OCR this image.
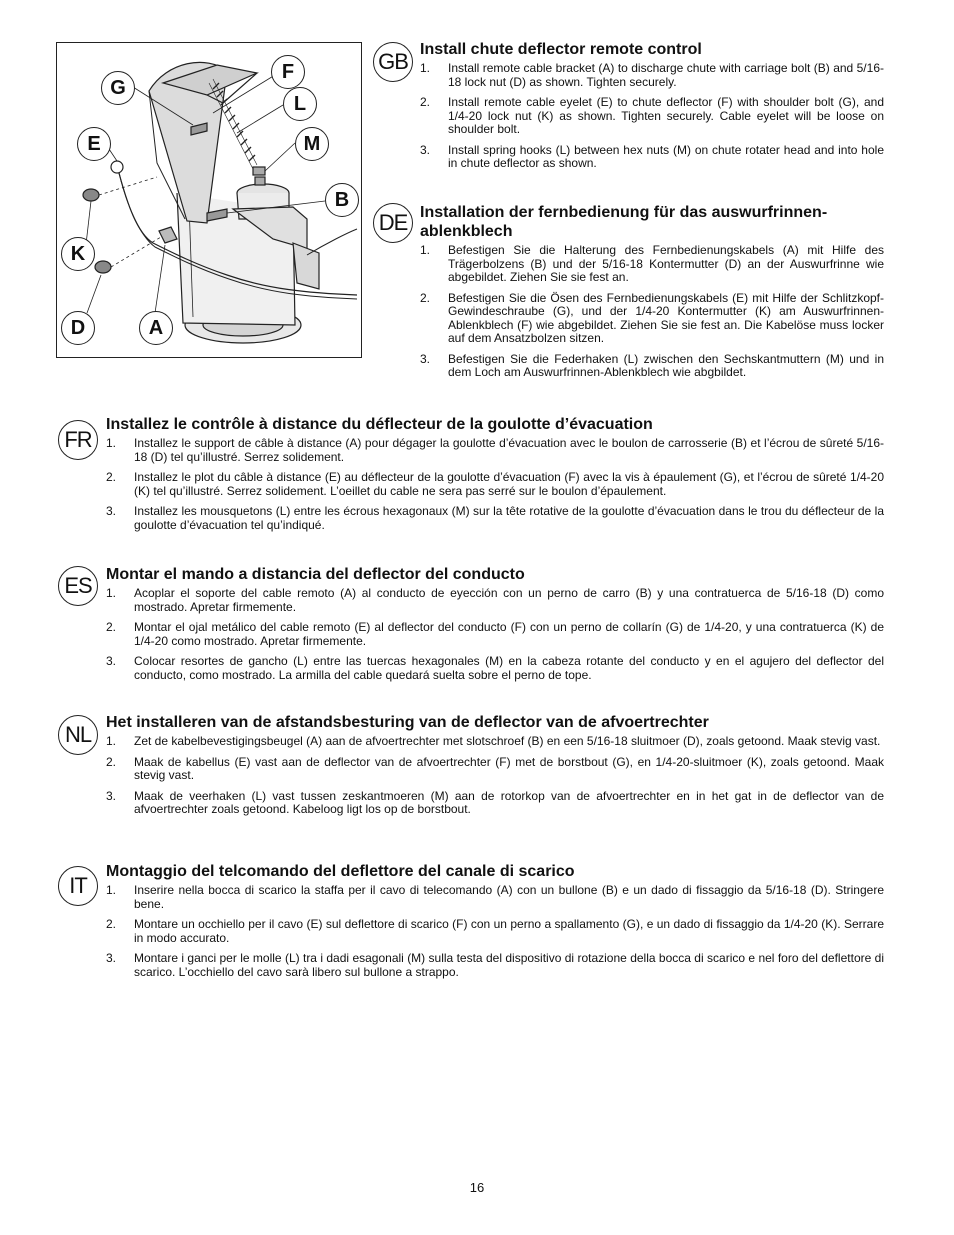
G
F
L
E	M
B
K
D	A
GB Install chute deflector remote control
1. Install remote cable bracket (A) to discharge chute with carriage bolt (B) and 5/16-18 lock nut (D) as shown. Tighten securely.
2. Install remote cable eyelet (E) to chute deflector (F) with shoulder bolt (G), and 1/4-20 lock nut (K) as shown. Tighten securely. Cable eyelet will be loose on shoulder bolt.
3. Install spring hooks (L) between hex nuts (M) on chute rotater head and into hole in chute deflector as shown.
DE Installation der fernbedienung für das auswurfrinnen-ablenkblech
1. Befestigen Sie die Halterung des Fernbedienungskabels (A) mit Hilfe des Trägerbolzens (B) und der 5/16-18 Kontermutter (D) an der Auswurfrinne wie abgebildet. Ziehen Sie sie fest an.
2. Befestigen Sie die Ösen des Fernbedienungskabels (E) mit Hilfe der Schlitzkopf-Gewindeschraube (G), und der 1/4-20 Kontermutter (K) am Auswurfrinnen-Ablenkblech (F) wie abgebildet. Ziehen Sie sie fest an. Die Kabelöse muss locker auf dem Ansatzbolzen sitzen.
3. Befestigen Sie die Federhaken (L) zwischen den Sechskantmuttern (M) und in dem Loch am Auswurfrinnen-Ablenkblech wie abgbildet.
FR
Installez le contrôle à distance du déflecteur de la goulotte d’évacuation
1. Installez le support de câble à distance (A) pour dégager la goulotte d’évacuation avec le boulon de carrosserie (B) et l’écrou de sûreté 5/16-18 (D) tel qu’illustré. Serrez solidement.
2. Installez le plot du câble à distance (E) au déflecteur de la goulotte d’évacuation (F) avec la vis à épaulement (G), et l’écrou de sûreté 1/4-20 (K) tel qu’illustré. Serrez solidement. L’oeillet du cable ne sera pas serré sur le boulon d’épaulement.
3. Installez les mousquetons (L) entre les écrous hexagonaux (M) sur la tête rotative de la goulotte d’évacuation dans le trou du déflecteur de la goulotte d’évacuation tel qu’indiqué.
ES Montar el mando a distancia del deflector del conducto
1. Acoplar el soporte del cable remoto (A) al conducto de eyección con un perno de carro (B) y una contratuerca de 5/16-18 (D) como mostrado. Apretar firmemente.
2. Montar el ojal metálico del cable remoto (E) al deflector del conducto (F) con un perno de collarín (G) de 1/4-20, y una contratuerca (K) de 1/4-20 como mostrado. Apretar firmemente.
3. Colocar resortes de gancho (L) entre las tuercas hexagonales (M) en la cabeza rotante del conducto y en el agujero del deflector del conducto, como mostrado. La armilla del cable quedará suelta sobre el perno de tope.
NL Het installeren van de afstandsbesturing van de deflector van de afvoertrechter
1. Zet de kabelbevestigingsbeugel (A) aan de afvoertrechter met slotschroef (B) en een 5/16-18 sluitmoer (D), zoals getoond. Maak stevig vast.
2. Maak de kabellus (E) vast aan de deflector van de afvoertrechter (F) met de borstbout (G), en 1/4-20-sluitmoer (K), zoals getoond. Maak stevig vast.
3. Maak de veerhaken (L) vast tussen zeskantmoeren (M) aan de rotorkop van de afvoertrechter en in het gat in de deflector van de afvoertrechter zoals getoond. Kabeloog ligt los op de borstbout.
IT
Montaggio del telcomando del deflettore del canale di scarico
1. Inserire nella bocca di scarico la staffa per il cavo di telecomando (A) con un bullone (B) e un dado di fissaggio da 5/16-18 (D). Stringere bene.
2. Montare un occhiello per il cavo (E) sul deflettore di scarico (F) con un perno a spallamento (G), e un dado di fissaggio da 1/4-20 (K). Serrare in modo accurato.
3. Montare i ganci per le molle (L) tra i dadi esagonali (M) sulla testa del dispositivo di rotazione della bocca di scarico e nel foro del deflettore di scarico. L’occhiello del cavo sarà libero sul bullone a strappo.
16
